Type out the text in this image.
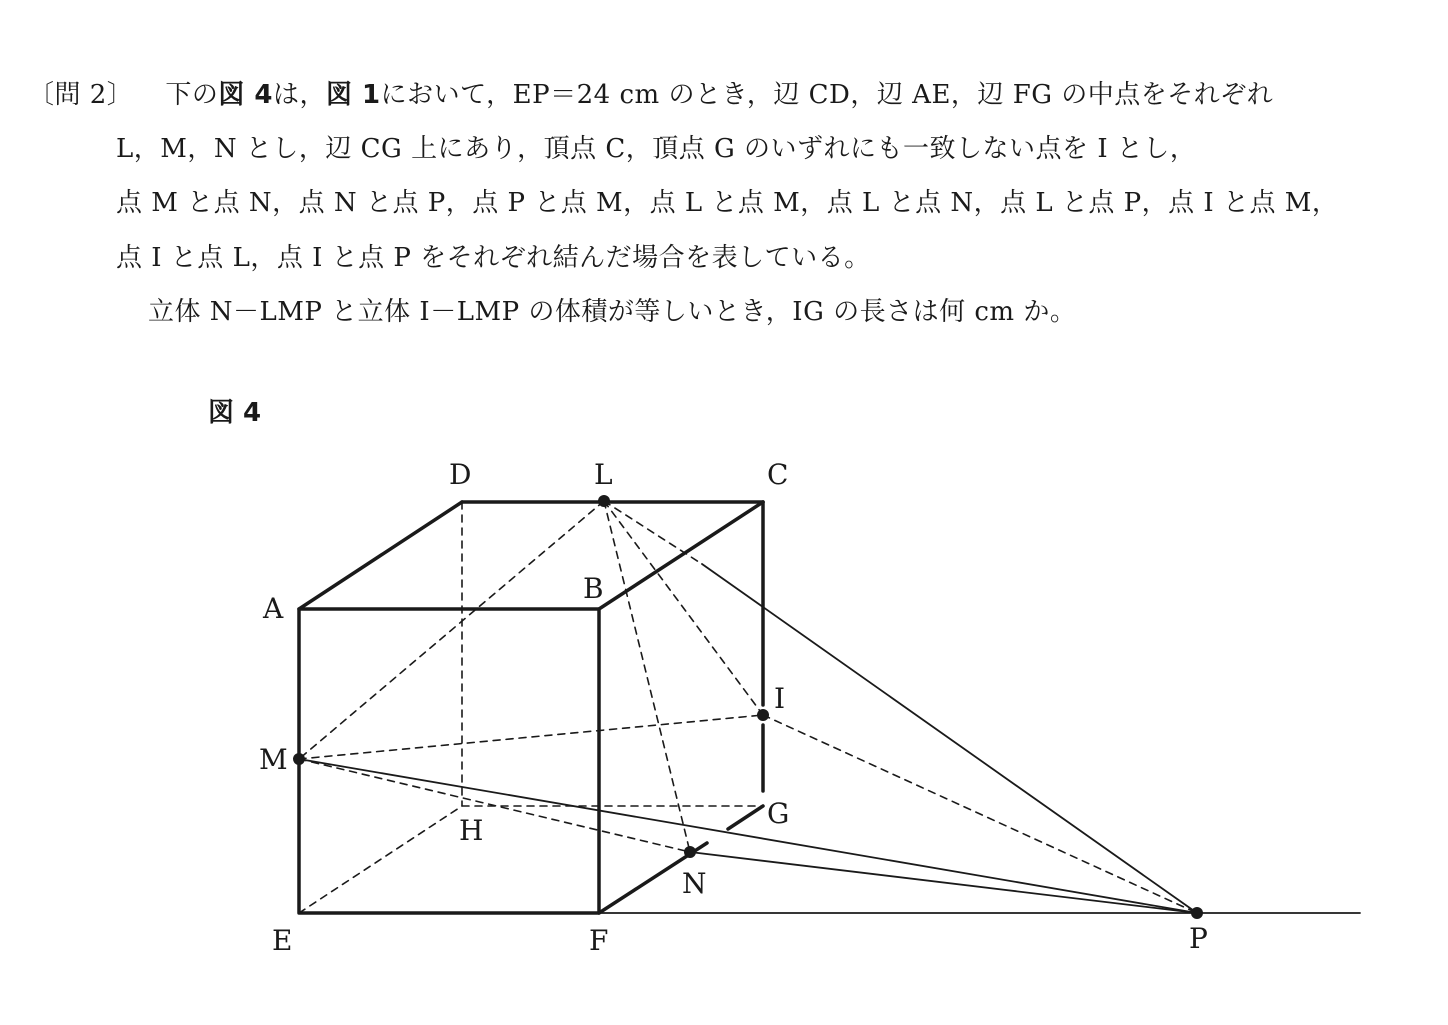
〔問 2〕 下の図 4は，図 1において，EP＝24 cm のとき，辺 CD，辺 AE，辺 FG の中点をそれぞれ
L，M，N とし，辺 CG 上にあり，頂点 C，頂点 G のいずれにも一致しない点を I とし，
点 M と点 N，点 N と点 P，点 P と点 M，点 L と点 M，点 L と点 N，点 L と点 P，点 I と点 M，
点 I と点 L，点 I と点 P をそれぞれ結んだ場合を表している。
立体 N－LMP と立体 I－LMP の体積が等しいとき，IG の長さは何 cm か。
図 4
D	L	C
A
B
I
M
H
G
N
E	F	P
